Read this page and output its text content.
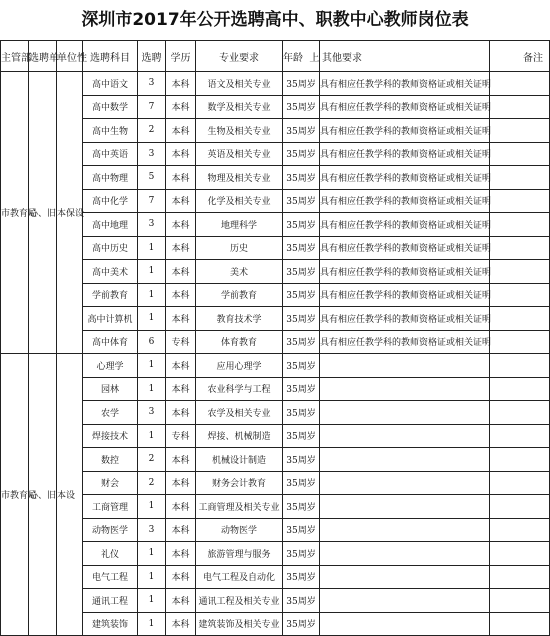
深圳市2017年公开选聘高中、职教中心教师岗位表
主管部	选聘单	单位性	选聘科目	选聘	学历	专业要求	年龄 上	其他要求	备注
市教育局	心、旧	本保设	高中语文	3	本科	语文及相关专业	35周岁	具有相应任教学科的教师资格证或相关证明	
			高中数学	7	本科	数学及相关专业	35周岁	具有相应任教学科的教师资格证或相关证明	
			高中生物	2	本科	生物及相关专业	35周岁	具有相应任教学科的教师资格证或相关证明	
			高中英语	3	本科	英语及相关专业	35周岁	具有相应任教学科的教师资格证或相关证明	
			高中物理	5	本科	物理及相关专业	35周岁	具有相应任教学科的教师资格证或相关证明	
			高中化学	7	本科	化学及相关专业	35周岁	具有相应任教学科的教师资格证或相关证明	
			高中地理	3	本科	地理科学	35周岁	具有相应任教学科的教师资格证或相关证明	
			高中历史	1	本科	历史	35周岁	具有相应任教学科的教师资格证或相关证明	
			高中美术	1	本科	美术	35周岁	具有相应任教学科的教师资格证或相关证明	
			学前教育	1	本科	学前教育	35周岁	具有相应任教学科的教师资格证或相关证明	
			高中计算机	1	本科	教育技术学	35周岁	具有相应任教学科的教师资格证或相关证明	
			高中体育	6	专科	体育教育	35周岁	具有相应任教学科的教师资格证或相关证明	
市教育局	心、旧	本设	心理学	1	本科	应用心理学	35周岁		
			园林	1	本科	农业科学与工程	35周岁		
			农学	3	本科	农学及相关专业	35周岁		
			焊接技术	1	专科	焊接、机械制造	35周岁		
			数控	2	本科	机械设计制造	35周岁		
			财会	2	本科	财务会计教育	35周岁		
			工商管理	1	本科	工商管理及相关专业	35周岁		
			动物医学	3	本科	动物医学	35周岁		
			礼仪	1	本科	旅游管理与服务	35周岁		
			电气工程	1	本科	电气工程及自动化	35周岁		
			通讯工程	1	本科	通讯工程及相关专业	35周岁		
			建筑装饰	1	本科	建筑装饰及相关专业	35周岁		
